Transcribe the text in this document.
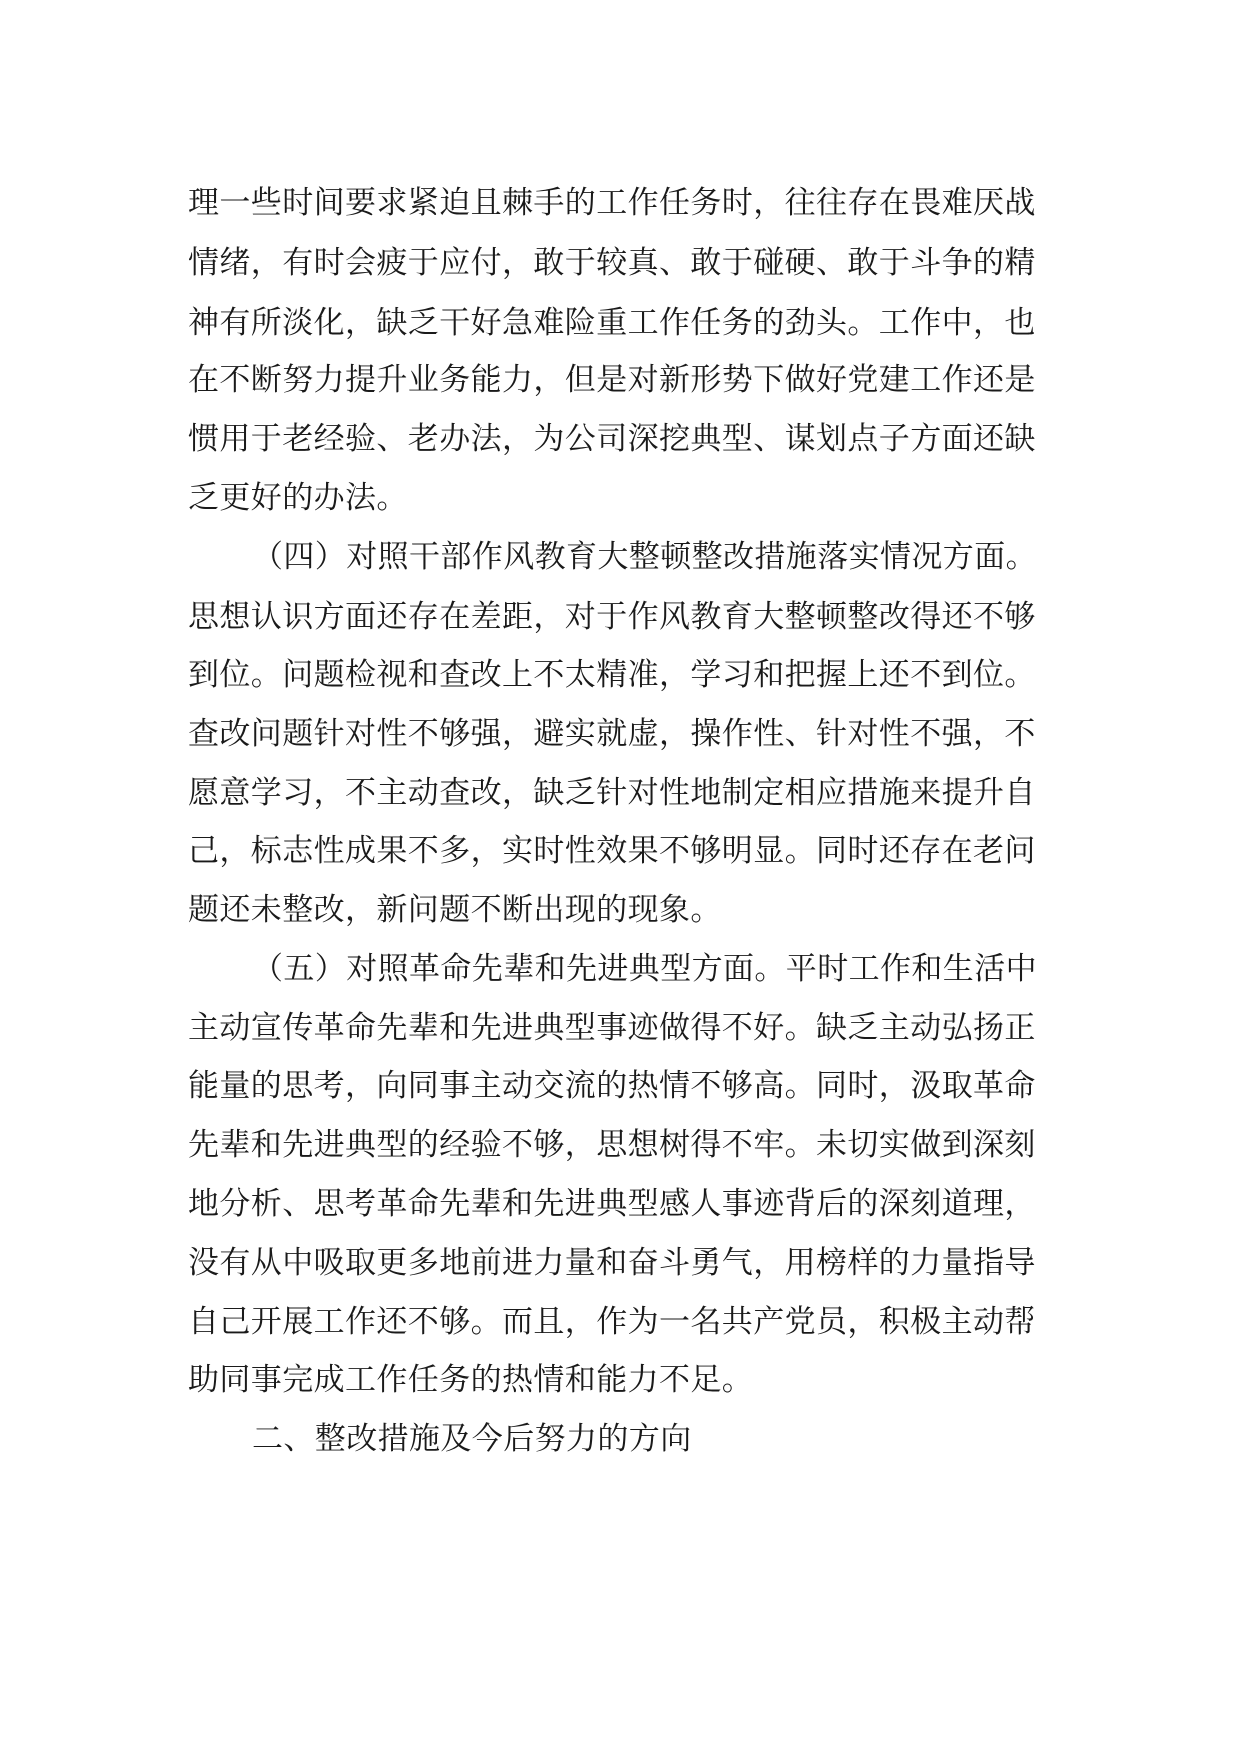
理一些时间要求紧迫且棘手的工作任务时，往往存在畏难厌战
情绪，有时会疲于应付，敢于较真、敢于碰硬、敢于斗争的精
神有所淡化，缺乏干好急难险重工作任务的劲头。工作中，也
在不断努力提升业务能力，但是对新形势下做好党建工作还是
惯用于老经验、老办法，为公司深挖典型、谋划点子方面还缺
乏更好的办法。
（四）对照干部作风教育大整顿整改措施落实情况方面。
思想认识方面还存在差距，对于作风教育大整顿整改得还不够
到位。问题检视和查改上不太精准，学习和把握上还不到位。
查改问题针对性不够强，避实就虚，操作性、针对性不强，不
愿意学习，不主动查改，缺乏针对性地制定相应措施来提升自
己，标志性成果不多，实时性效果不够明显。同时还存在老问
题还未整改，新问题不断出现的现象。
（五）对照革命先辈和先进典型方面。平时工作和生活中
主动宣传革命先辈和先进典型事迹做得不好。缺乏主动弘扬正
能量的思考，向同事主动交流的热情不够高。同时，汲取革命
先辈和先进典型的经验不够，思想树得不牢。未切实做到深刻
地分析、思考革命先辈和先进典型感人事迹背后的深刻道理，
没有从中吸取更多地前进力量和奋斗勇气，用榜样的力量指导
自己开展工作还不够。而且，作为一名共产党员，积极主动帮
助同事完成工作任务的热情和能力不足。
二、整改措施及今后努力的方向
